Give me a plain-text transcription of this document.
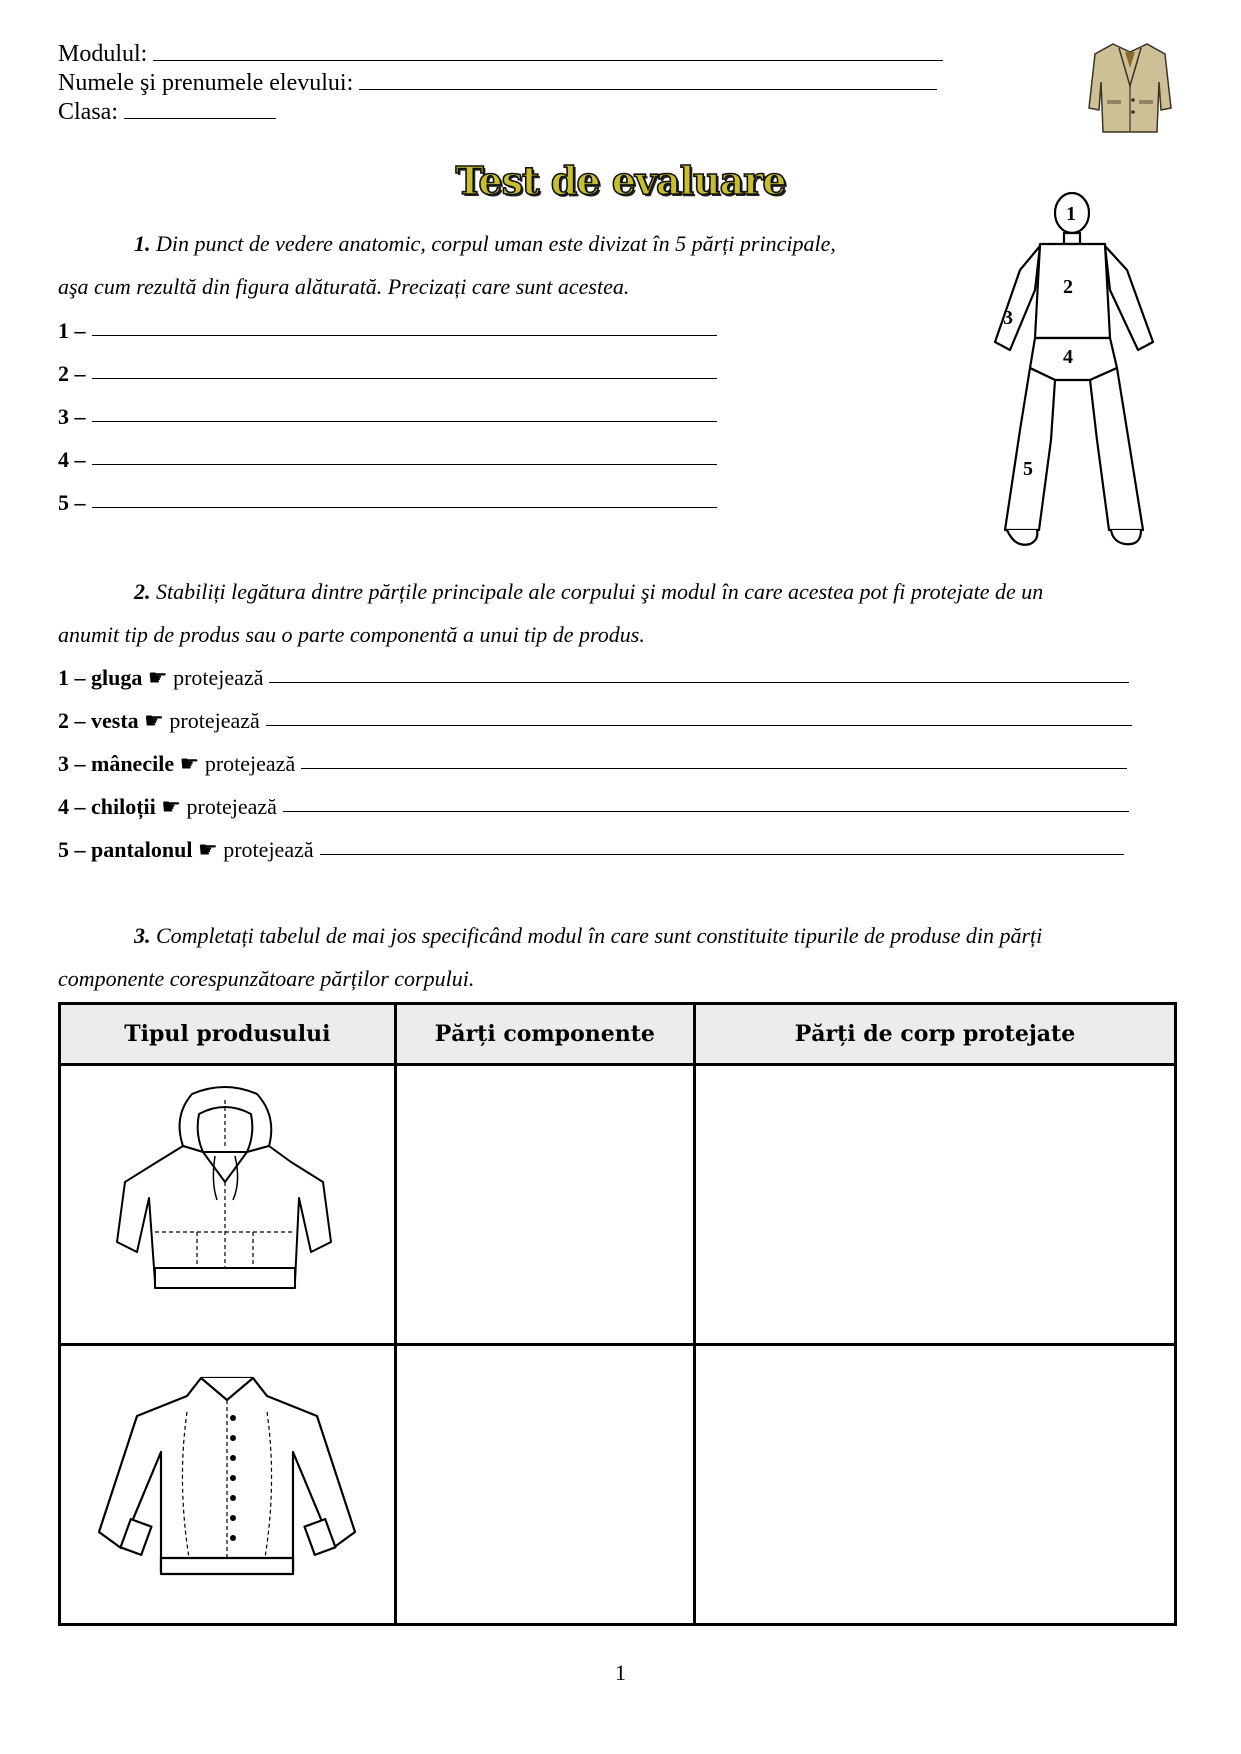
Modulul:
Numele şi prenumele elevului:
Clasa:
Test de evaluare
1. Din punct de vedere anatomic, corpul uman este divizat în 5 părți principale,
aşa cum rezultă din figura alăturată. Precizați care sunt acestea.
1 –
2 –
3 –
4 –
5 –
1
2
3
4
5
2. Stabiliți legătura dintre părțile principale ale corpului şi modul în care acestea pot fi protejate de un
anumit tip de produs sau o parte componentă a unui tip de produs.
1 – gluga ☛ protejează
2 – vesta ☛ protejează
3 – mânecile ☛ protejează
4 – chiloții ☛ protejează
5 – pantalonul ☛ protejează
3. Completați tabelul de mai jos specificând modul în care sunt constituite tipurile de produse din părți
componente corespunzătoare părților corpului.
Tipul produsului	Părți componente	Părți de corp protejate

1
